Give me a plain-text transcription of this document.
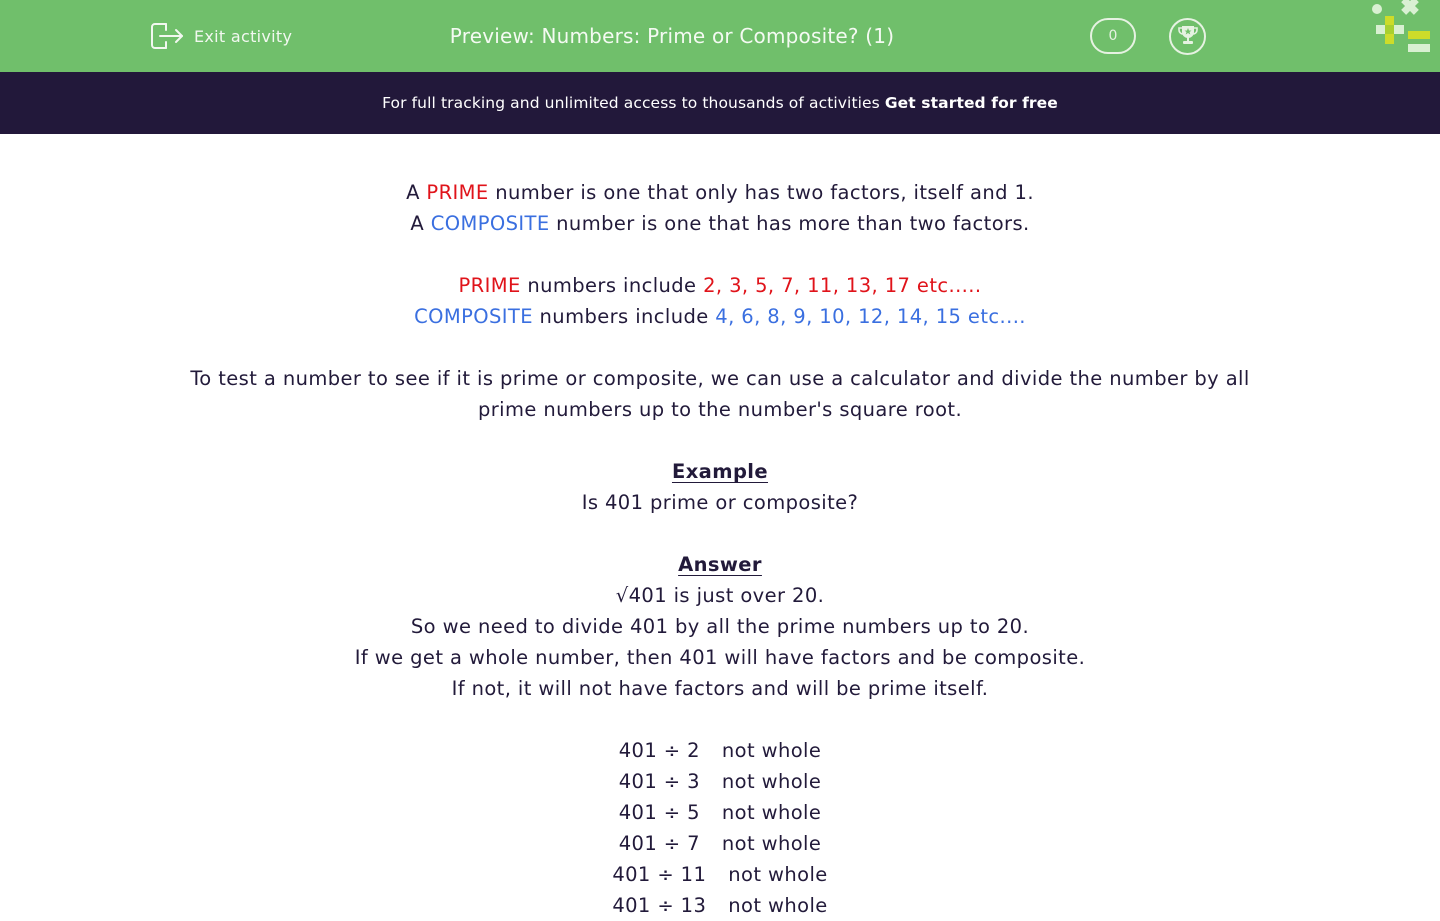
Exit activity	Preview: Numbers: Prime or Composite? (1)	0
For full tracking and unlimited access to thousands of activities Get started for free

A PRIME number is one that only has two factors, itself and 1.

A COMPOSITE number is one that has more than two factors.

PRIME numbers include 2, 3, 5, 7, 11, 13, 17 etc.....

COMPOSITE numbers include 4, 6, 8, 9, 10, 12, 14, 15 etc....

To test a number to see if it is prime or composite, we can use a calculator and divide the number by all

prime numbers up to the number's square root.

Example

Is 401 prime or composite?

Answer

√401 is just over 20.

So we need to divide 401 by all the prime numbers up to 20.

If we get a whole number, then 401 will have factors and be composite.

If not, it will not have factors and will be prime itself.

401 ÷ 2 not whole

401 ÷ 3 not whole

401 ÷ 5 not whole

401 ÷ 7 not whole

401 ÷ 11 not whole

401 ÷ 13 not whole
